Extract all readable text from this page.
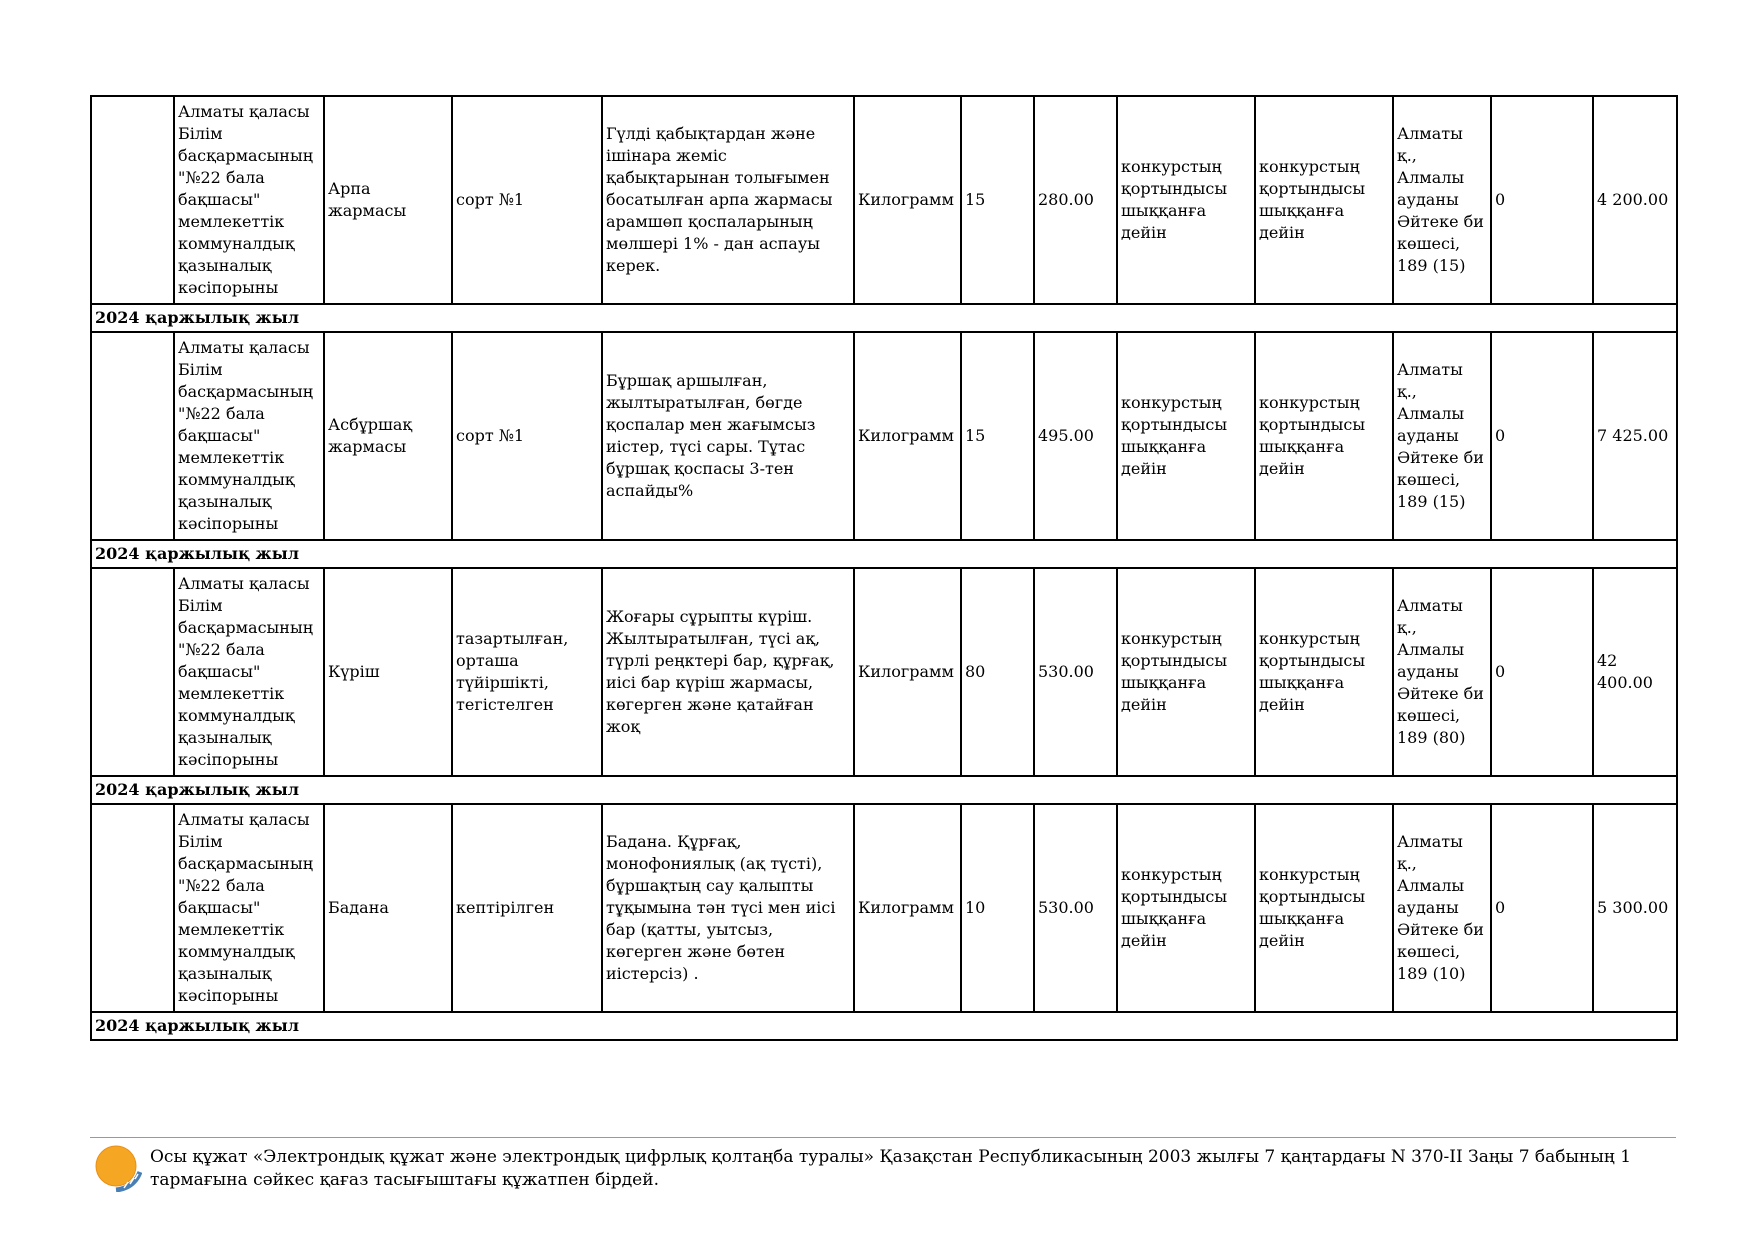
	Алматы қаласы Білім басқармасының "№22 бала бақшасы" мемлекеттік коммуналдық қазыналық кәсіпорыны	Арпа жармасы	сорт №1	Гүлді қабықтардан және ішінара жеміс қабықтарынан толығымен босатылған арпа жармасы арамшөп қоспаларының мөлшері 1% - дан аспауы керек.	Килограмм	15	280.00	конкурстың қортындысы шыққанға дейін	конкурстың қортындысы шыққанға дейін	Алматы қ., Алмалы ауданы Әйтеке би көшесі, 189 (15)	0	4 200.00
2024 қаржылық жыл												
	Алматы қаласы Білім басқармасының "№22 бала бақшасы" мемлекеттік коммуналдық қазыналық кәсіпорыны	Асбұршақ жармасы	сорт №1	Бұршақ аршылған, жылтыратылған, бөгде қоспалар мен жағымсыз иістер, түсі сары. Тұтас бұршақ қоспасы 3-тен аспайды%	Килограмм	15	495.00	конкурстың қортындысы шыққанға дейін	конкурстың қортындысы шыққанға дейін	Алматы қ., Алмалы ауданы Әйтеке би көшесі, 189 (15)	0	7 425.00
2024 қаржылық жыл												
	Алматы қаласы Білім басқармасының "№22 бала бақшасы" мемлекеттік коммуналдық қазыналық кәсіпорыны	Күріш	тазартылған, орташа түйіршікті, тегістелген	Жоғары сұрыпты күріш. Жылтыратылған, түсі ақ, түрлі реңктері бар, құрғақ, иісі бар күріш жармасы, көгерген және қатайған жоқ	Килограмм	80	530.00	конкурстың қортындысы шыққанға дейін	конкурстың қортындысы шыққанға дейін	Алматы қ., Алмалы ауданы Әйтеке би көшесі, 189 (80)	0	42 400.00
2024 қаржылық жыл												
	Алматы қаласы Білім басқармасының "№22 бала бақшасы" мемлекеттік коммуналдық қазыналық кәсіпорыны	Бадана	кептірілген	Бадана. Құрғақ, монофониялық (ақ түсті), бұршақтың сау қалыпты тұқымына тән түсі мен иісі бар (қатты, уытсыз, көгерген және бөтен иістерсіз) .	Килограмм	10	530.00	конкурстың қортындысы шыққанға дейін	конкурстың қортындысы шыққанға дейін	Алматы қ., Алмалы ауданы Әйтеке би көшесі, 189 (10)	0	5 300.00
2024 қаржылық жыл												
Осы құжат «Электрондық құжат және электрондық цифрлық қолтаңба туралы» Қазақстан Республикасының 2003 жылғы 7 қаңтардағы N 370-II Заңы 7 бабының 1 тармағына сәйкес қағаз тасығыштағы құжатпен бірдей.
